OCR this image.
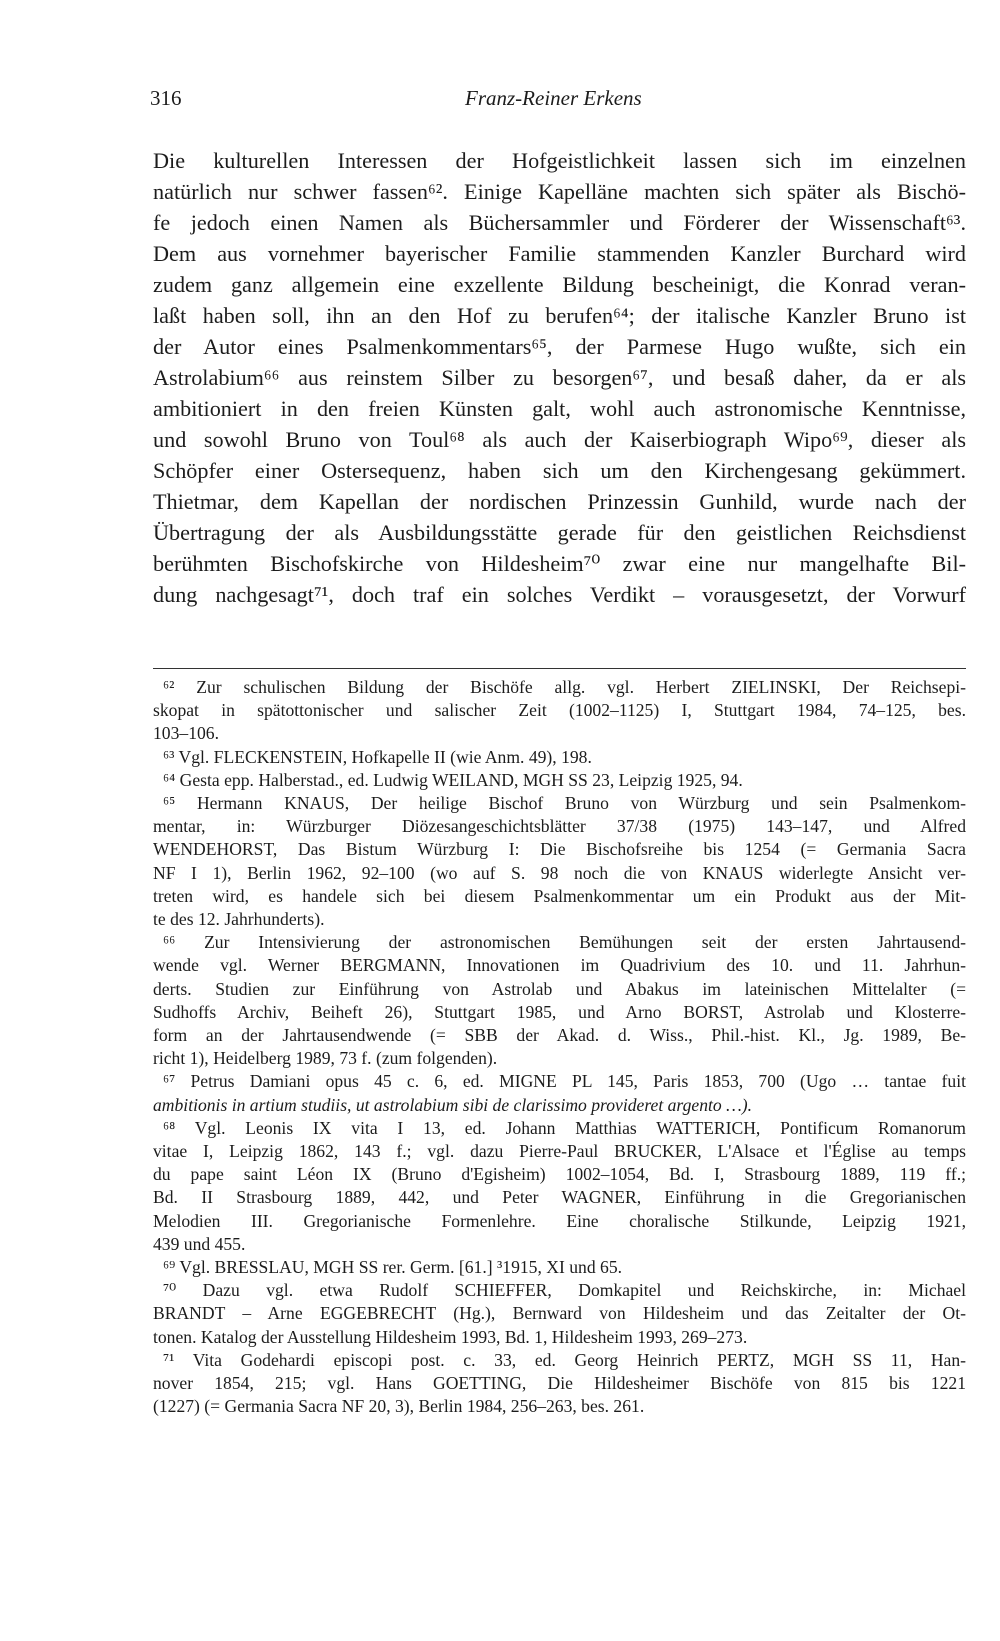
316	Franz-Reiner Erkens
Die kulturellen Interessen der Hofgeistlichkeit lassen sich im einzelnen
natürlich nur schwer fassen⁶². Einige Kapelläne machten sich später als Bischö-
fe jedoch einen Namen als Büchersammler und Förderer der Wissenschaft⁶³.
Dem aus vornehmer bayerischer Familie stammenden Kanzler Burchard wird
zudem ganz allgemein eine exzellente Bildung bescheinigt, die Konrad veran-
laßt haben soll, ihn an den Hof zu berufen⁶⁴; der italische Kanzler Bruno ist
der Autor eines Psalmenkommentars⁶⁵, der Parmese Hugo wußte, sich ein
Astrolabium⁶⁶ aus reinstem Silber zu besorgen⁶⁷, und besaß daher, da er als
ambitioniert in den freien Künsten galt, wohl auch astronomische Kenntnisse,
und sowohl Bruno von Toul⁶⁸ als auch der Kaiserbiograph Wipo⁶⁹, dieser als
Schöpfer einer Ostersequenz, haben sich um den Kirchengesang gekümmert.
Thietmar, dem Kapellan der nordischen Prinzessin Gunhild, wurde nach der
Übertragung der als Ausbildungsstätte gerade für den geistlichen Reichsdienst
berühmten Bischofskirche von Hildesheim⁷⁰ zwar eine nur mangelhafte Bil-
dung nachgesagt⁷¹, doch traf ein solches Verdikt – vorausgesetzt, der Vorwurf
⁶² Zur schulischen Bildung der Bischöfe allg. vgl. Herbert ZIELINSKI, Der Reichsepi-
skopat in spätottonischer und salischer Zeit (1002–1125) I, Stuttgart 1984, 74–125, bes.
103–106.
⁶³ Vgl. FLECKENSTEIN, Hofkapelle II (wie Anm. 49), 198.
⁶⁴ Gesta epp. Halberstad., ed. Ludwig WEILAND, MGH SS 23, Leipzig 1925, 94.
⁶⁵ Hermann KNAUS, Der heilige Bischof Bruno von Würzburg und sein Psalmenkom-
mentar, in: Würzburger Diözesangeschichtsblätter 37/38 (1975) 143–147, und Alfred
WENDEHORST, Das Bistum Würzburg I: Die Bischofsreihe bis 1254 (= Germania Sacra
NF I 1), Berlin 1962, 92–100 (wo auf S. 98 noch die von KNAUS widerlegte Ansicht ver-
treten wird, es handele sich bei diesem Psalmenkommentar um ein Produkt aus der Mit-
te des 12. Jahrhunderts).
⁶⁶ Zur Intensivierung der astronomischen Bemühungen seit der ersten Jahrtausend-
wende vgl. Werner BERGMANN, Innovationen im Quadrivium des 10. und 11. Jahrhun-
derts. Studien zur Einführung von Astrolab und Abakus im lateinischen Mittelalter (=
Sudhoffs Archiv, Beiheft 26), Stuttgart 1985, und Arno BORST, Astrolab und Klosterre-
form an der Jahrtausendwende (= SBB der Akad. d. Wiss., Phil.-hist. Kl., Jg. 1989, Be-
richt 1), Heidelberg 1989, 73 f. (zum folgenden).
⁶⁷ Petrus Damiani opus 45 c. 6, ed. MIGNE PL 145, Paris 1853, 700 (Ugo … tantae fuit
ambitionis in artium studiis, ut astrolabium sibi de clarissimo provideret argento …).
⁶⁸ Vgl. Leonis IX vita I 13, ed. Johann Matthias WATTERICH, Pontificum Romanorum
vitae I, Leipzig 1862, 143 f.; vgl. dazu Pierre-Paul BRUCKER, L'Alsace et l'Église au temps
du pape saint Léon IX (Bruno d'Egisheim) 1002–1054, Bd. I, Strasbourg 1889, 119 ff.;
Bd. II Strasbourg 1889, 442, und Peter WAGNER, Einführung in die Gregorianischen
Melodien III. Gregorianische Formenlehre. Eine choralische Stilkunde, Leipzig 1921,
439 und 455.
⁶⁹ Vgl. BRESSLAU, MGH SS rer. Germ. [61.] ³1915, XI und 65.
⁷⁰ Dazu vgl. etwa Rudolf SCHIEFFER, Domkapitel und Reichskirche, in: Michael
BRANDT – Arne EGGEBRECHT (Hg.), Bernward von Hildesheim und das Zeitalter der Ot-
tonen. Katalog der Ausstellung Hildesheim 1993, Bd. 1, Hildesheim 1993, 269–273.
⁷¹ Vita Godehardi episcopi post. c. 33, ed. Georg Heinrich PERTZ, MGH SS 11, Han-
nover 1854, 215; vgl. Hans GOETTING, Die Hildesheimer Bischöfe von 815 bis 1221
(1227) (= Germania Sacra NF 20, 3), Berlin 1984, 256–263, bes. 261.
